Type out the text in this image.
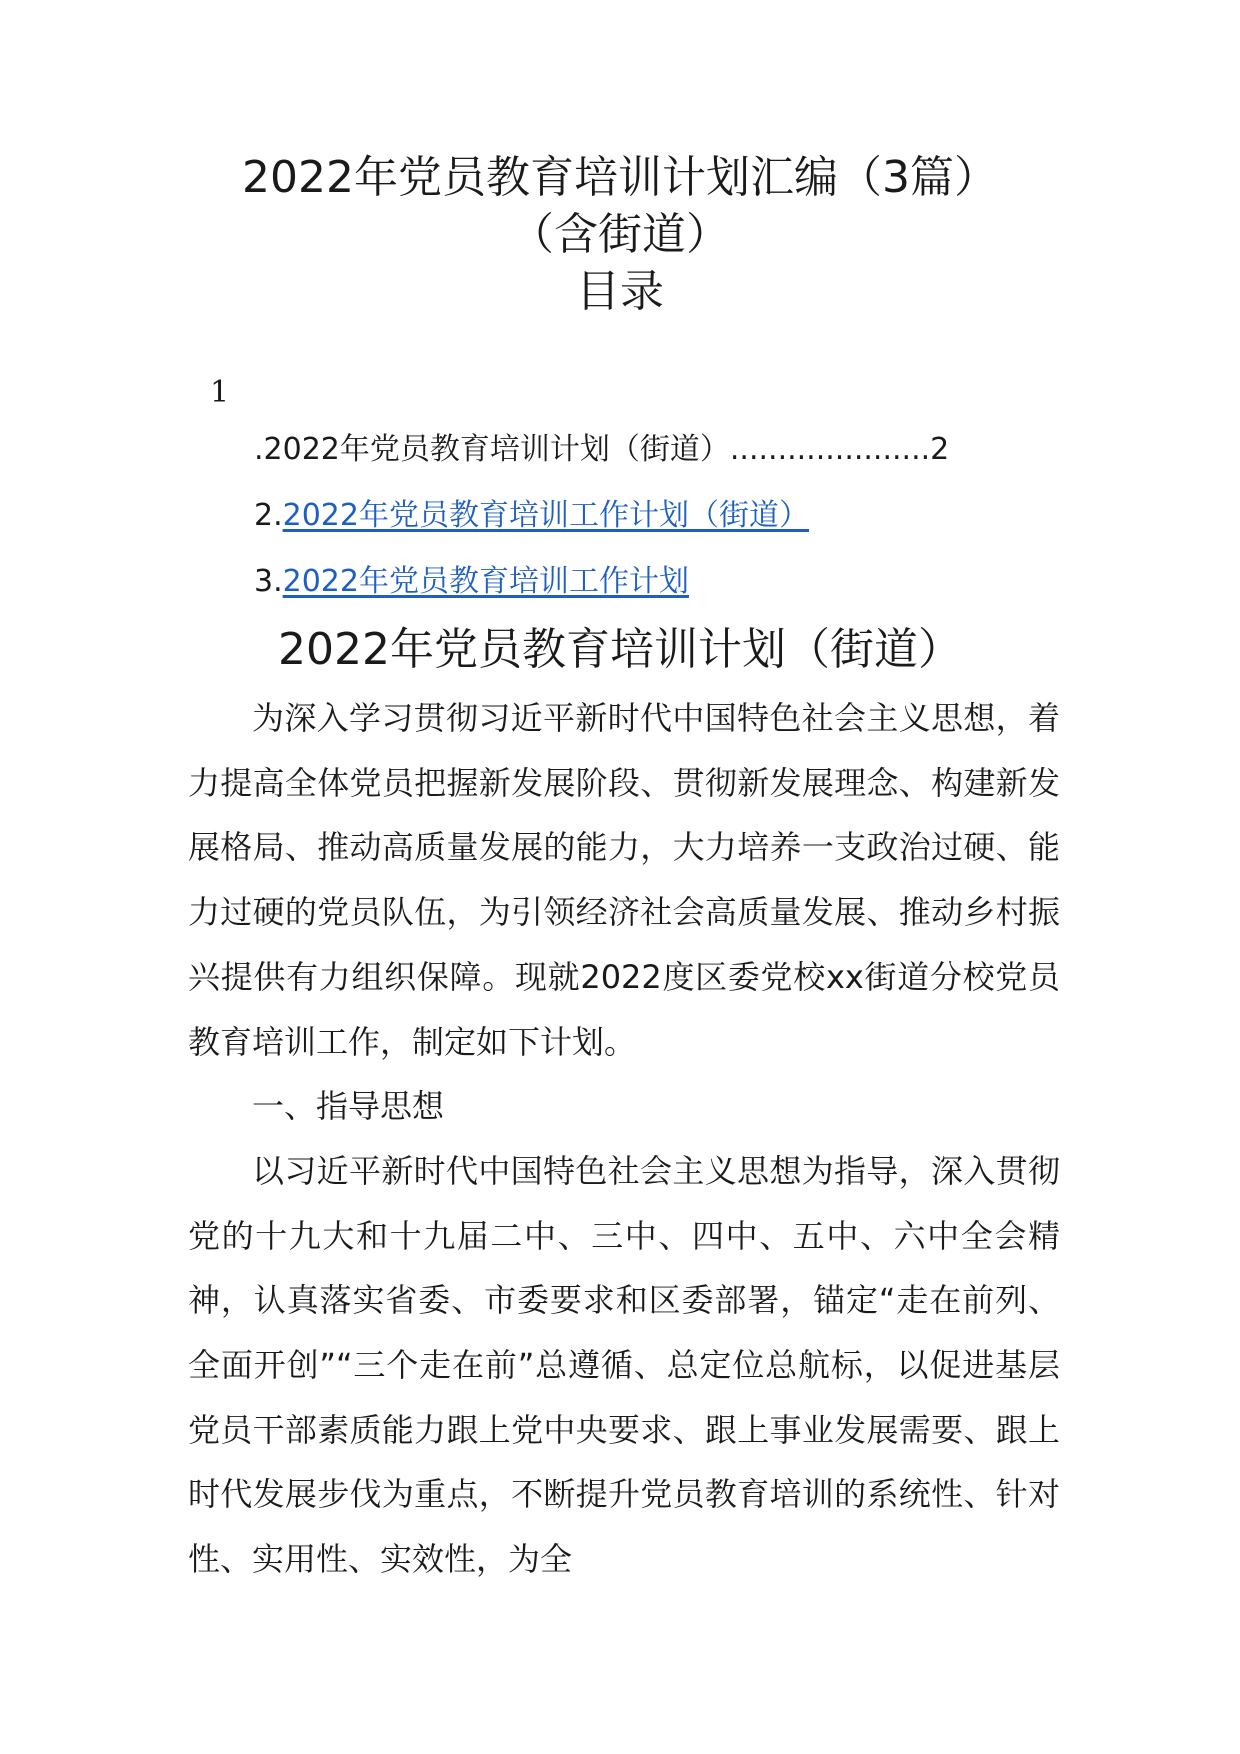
2022年党员教育培训计划汇编（3篇）
（含街道）
目录
1
.2022年党员教育培训计划（街道）.....................2
2.2022年党员教育培训工作计划（街道）
3.2022年党员教育培训工作计划
2022年党员教育培训计划（街道）

为深入学习贯彻习近平新时代中国特色社会主义思想，着力提高全体党员把握新发展阶段、贯彻新发展理念、构建新发展格局、推动高质量发展的能力，大力培养一支政治过硬、能力过硬的党员队伍，为引领经济社会高质量发展、推动乡村振兴提供有力组织保障。现就2022度区委党校xx街道分校党员教育培训工作，制定如下计划。

一、指导思想

以习近平新时代中国特色社会主义思想为指导，深入贯彻党的十九大和十九届二中、三中、四中、五中、六中全会精神，认真落实省委、市委要求和区委部署，锚定“走在前列、全面开创”“三个走在前”总遵循、总定位总航标，以促进基层党员干部素质能力跟上党中央要求、跟上事业发展需要、跟上时代发展步伐为重点，不断提升党员教育培训的系统性、针对性、实用性、实效性，为全
